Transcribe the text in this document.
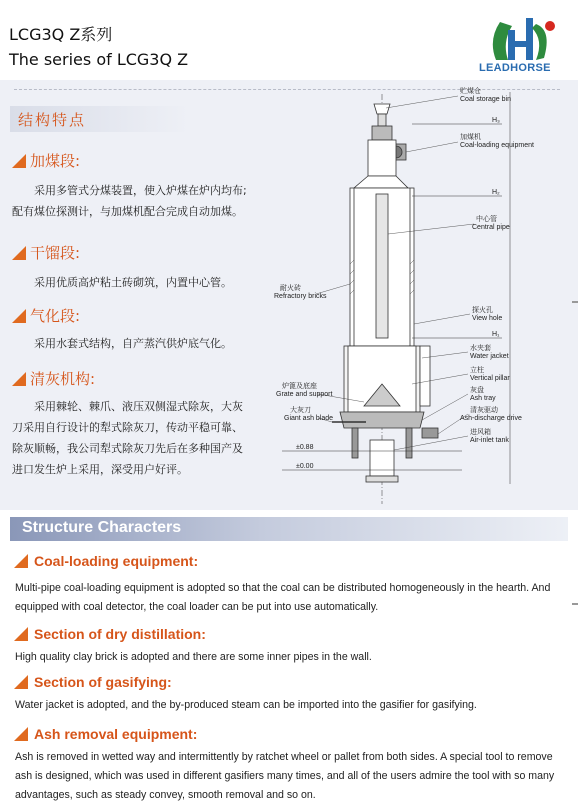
LCG3Q Z系列
The series of LCG3Q Z	LEADHORSE
结构特点
加煤段:

采用多管式分煤装置，使入炉煤在炉内均布;

配有煤位探测计，与加煤机配合完成自动加煤。

干馏段:

采用优质高炉粘土砖砌筑，内置中心管。

气化段:

采用水套式结构，自产蒸汽供炉底气化。

清灰机构:

采用棘轮、棘爪、液压双侧湿式除灰，大灰

刀采用自行设计的犁式除灰刀，传动平稳可靠、

除灰顺畅，我公司犁式除灰刀先后在多种国产及

进口发生炉上采用，深受用户好评。

贮煤仓
Coal storage bin
加煤机
Coal-loading equipment
中心管
Central pipe
耐火砖
Refractory bricks
探火孔
View hole
水夹套
Water jacket
立柱
Vertical pillar
炉篦及底座
Grate and support
灰盘
Ash tray
大灰刀
Giant ash blade
清灰驱动
Ash-discharge drive
进风箱
Air-inlet tank
H₃
H₂
H₁
±0.88
±0.00
Structure Characters
Coal-loading equipment:

Multi-pipe coal-loading equipment is adopted so that the coal can be distributed homogeneously in the hearth. And

equipped with coal detector, the coal loader can be put into use automatically.

Section of dry distillation:

High quality clay brick is adopted and there are some inner pipes in the wall.

Section of gasifying:

Water jacket is adopted, and the by-produced steam can be imported into the gasifier for gasifying.

Ash removal equipment:

Ash is removed in wetted way and intermittently by ratchet wheel or pallet from both sides. A special tool to remove

ash is designed, which was used in different gasifiers many times, and all of the users admire the tool with so many

advantages, such as steady convey, smooth removal and so on.
